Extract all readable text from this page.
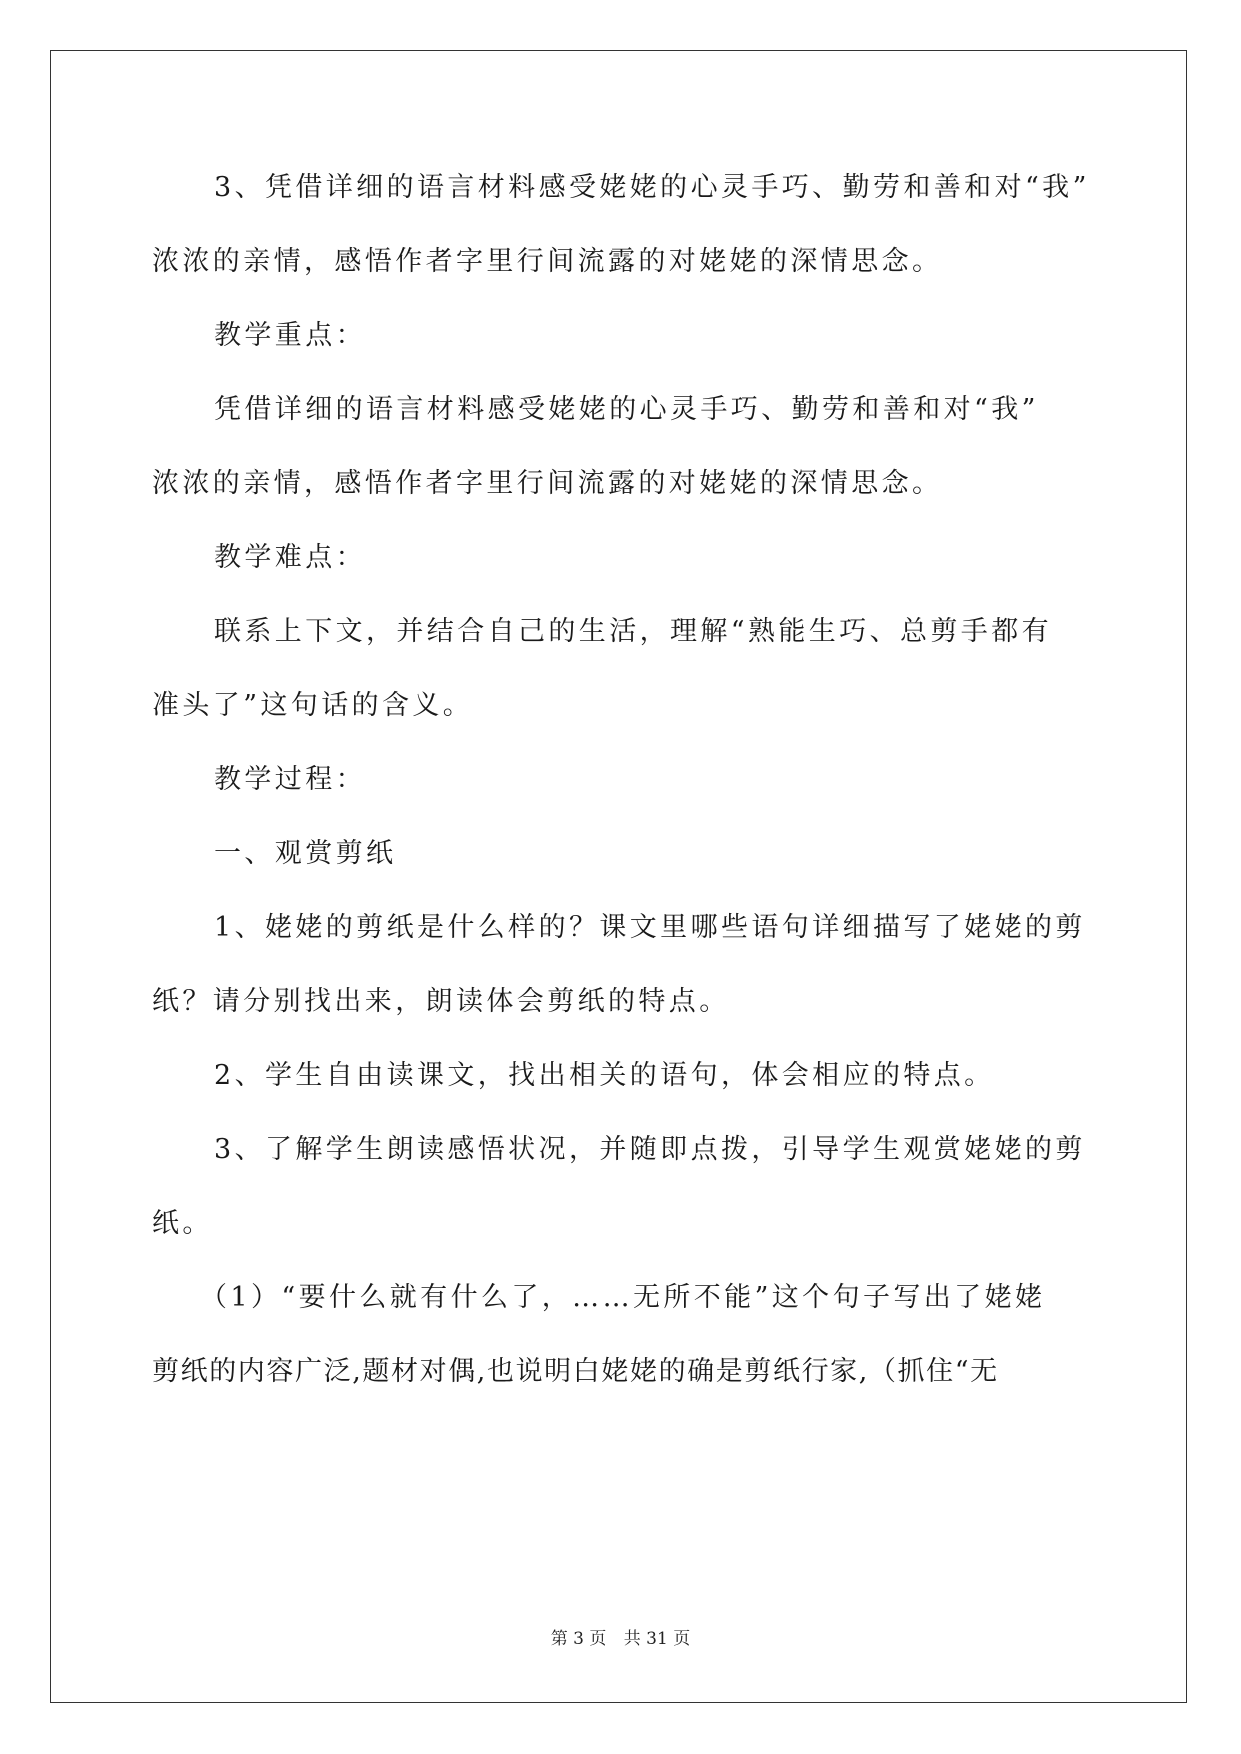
3、凭借详细的语言材料感受姥姥的心灵手巧、勤劳和善和对“我”
浓浓的亲情，感悟作者字里行间流露的对姥姥的深情思念。
教学重点：
凭借详细的语言材料感受姥姥的心灵手巧、勤劳和善和对“我”
浓浓的亲情，感悟作者字里行间流露的对姥姥的深情思念。
教学难点：
联系上下文，并结合自己的生活，理解“熟能生巧、总剪手都有
准头了”这句话的含义。
教学过程：
一、观赏剪纸
1、姥姥的剪纸是什么样的？课文里哪些语句详细描写了姥姥的剪
纸？请分别找出来，朗读体会剪纸的特点。
2、学生自由读课文，找出相关的语句，体会相应的特点。
3、了解学生朗读感悟状况，并随即点拨，引导学生观赏姥姥的剪
纸。
（1）“要什么就有什么了，……无所不能”这个句子写出了姥姥
剪纸的内容广泛,题材对偶,也说明白姥姥的确是剪纸行家,（抓住“无
第 3 页 共 31 页
